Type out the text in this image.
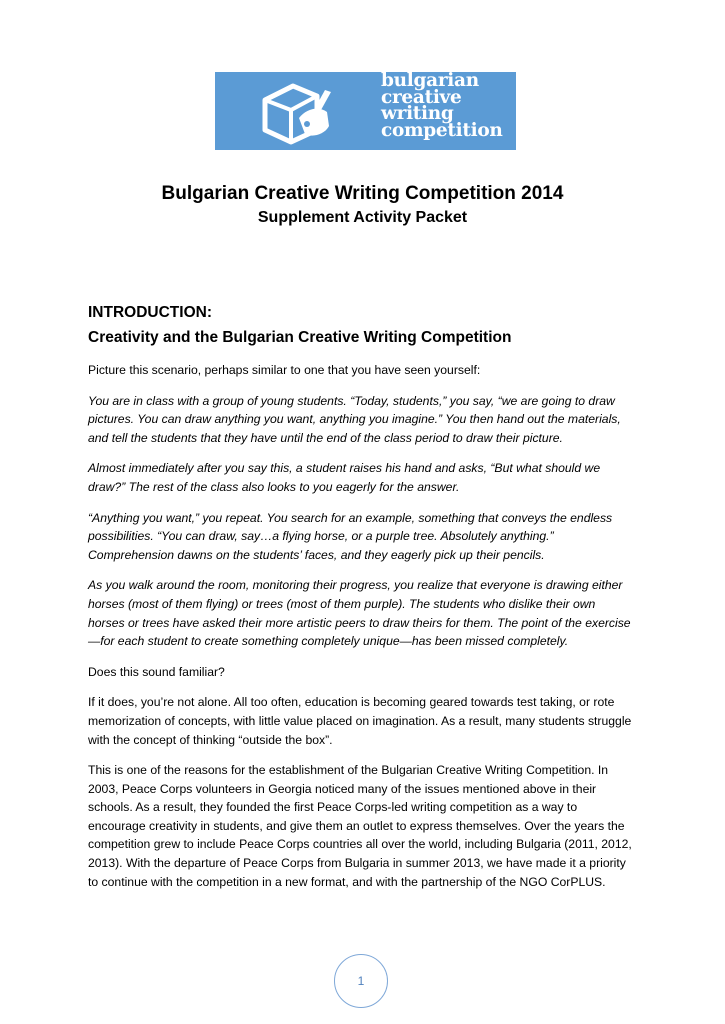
bulgarian
creative
writing
competition
Bulgarian Creative Writing Competition 2014
Supplement Activity Packet
INTRODUCTION:
Creativity and the Bulgarian Creative Writing Competition

Picture this scenario, perhaps similar to one that you have seen yourself:

You are in class with a group of young students. “Today, students,” you say, “we are going to draw pictures. You can draw anything you want, anything you imagine.” You then hand out the materials, and tell the students that they have until the end of the class period to draw their picture.

Almost immediately after you say this, a student raises his hand and asks, “But what should we draw?” The rest of the class also looks to you eagerly for the answer.

“Anything you want,” you repeat. You search for an example, something that conveys the endless possibilities. “You can draw, say…a flying horse, or a purple tree. Absolutely anything.” Comprehension dawns on the students’ faces, and they eagerly pick up their pencils.

As you walk around the room, monitoring their progress, you realize that everyone is drawing either horses (most of them flying) or trees (most of them purple). The students who dislike their own horses or trees have asked their more artistic peers to draw theirs for them. The point of the exercise—for each student to create something completely unique—has been missed completely.

Does this sound familiar?

If it does, you’re not alone. All too often, education is becoming geared towards test taking, or rote memorization of concepts, with little value placed on imagination. As a result, many students struggle with the concept of thinking “outside the box”.

This is one of the reasons for the establishment of the Bulgarian Creative Writing Competition. In 2003, Peace Corps volunteers in Georgia noticed many of the issues mentioned above in their schools. As a result, they founded the first Peace Corps-led writing competition as a way to encourage creativity in students, and give them an outlet to express themselves. Over the years the competition grew to include Peace Corps countries all over the world, including Bulgaria (2011, 2012, 2013). With the departure of Peace Corps from Bulgaria in summer 2013, we have made it a priority to continue with the competition in a new format, and with the partnership of the NGO CorPLUS.

1
